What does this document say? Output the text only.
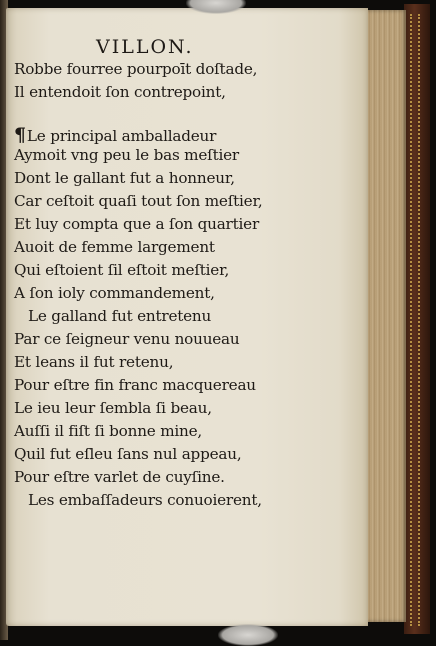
VILLON.
Robbe fourree pourpoīt doſtade,
Il entendoit ſon contrepoint,
¶Le principal amballadeur
Aymoit vng peu le bas meſtier
Dont le gallant fut a honneur,
Car ceſtoit quaſi tout ſon meſtier,
Et luy compta que a ſon quartier
Auoit de femme largement
Qui eſtoient ſil eſtoit meſtier,
A ſon ioly commandement,
Le galland fut entretenu
Par ce ſeigneur venu nouueau
Et leans il fut retenu,
Pour eſtre fin franc macquereau
Le ieu leur ſembla ſi beau,
Auſſi il fiſt ſi bonne mine,
Quil fut eſleu ſans nul appeau,
Pour eſtre varlet de cuyſine.
Les embaſſadeurs conuoierent,
